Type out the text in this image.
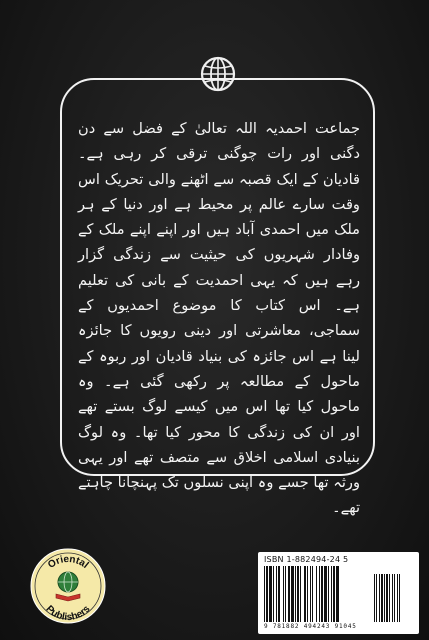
جماعت احمدیہ اللہ تعالیٰ کے فضل سے دن دگنی اور رات چوگنی ترقی کر رہی ہے۔ قادیان کے ایک قصبہ سے اٹھنے والی تحریک اس وقت سارے عالم پر محیط ہے اور دنیا کے ہر ملک میں احمدی آباد ہیں اور اپنے اپنے ملک کے وفادار شہریوں کی حیثیت سے زندگی گزار رہے ہیں کہ یہی احمدیت کے بانی کی تعلیم ہے۔ اس کتاب کا موضوع احمدیوں کے سماجی، معاشرتی اور دینی رویوں کا جائزہ لینا ہے اس جائزہ کی بنیاد قادیان اور ربوہ کے ماحول کے مطالعہ پر رکھی گئی ہے۔ وہ ماحول کیا تھا اس میں کیسے لوگ بستے تھے اور ان کی زندگی کا محور کیا تھا۔ وہ لوگ بنیادی اسلامی اخلاق سے متصف تھے اور یہی ورثہ تھا جسے وہ اپنی نسلوں تک پہنچانا چاہتے تھے۔
Oriental
Publishers
ISBN 1-882494-24 5
9 781882 494243 91045
